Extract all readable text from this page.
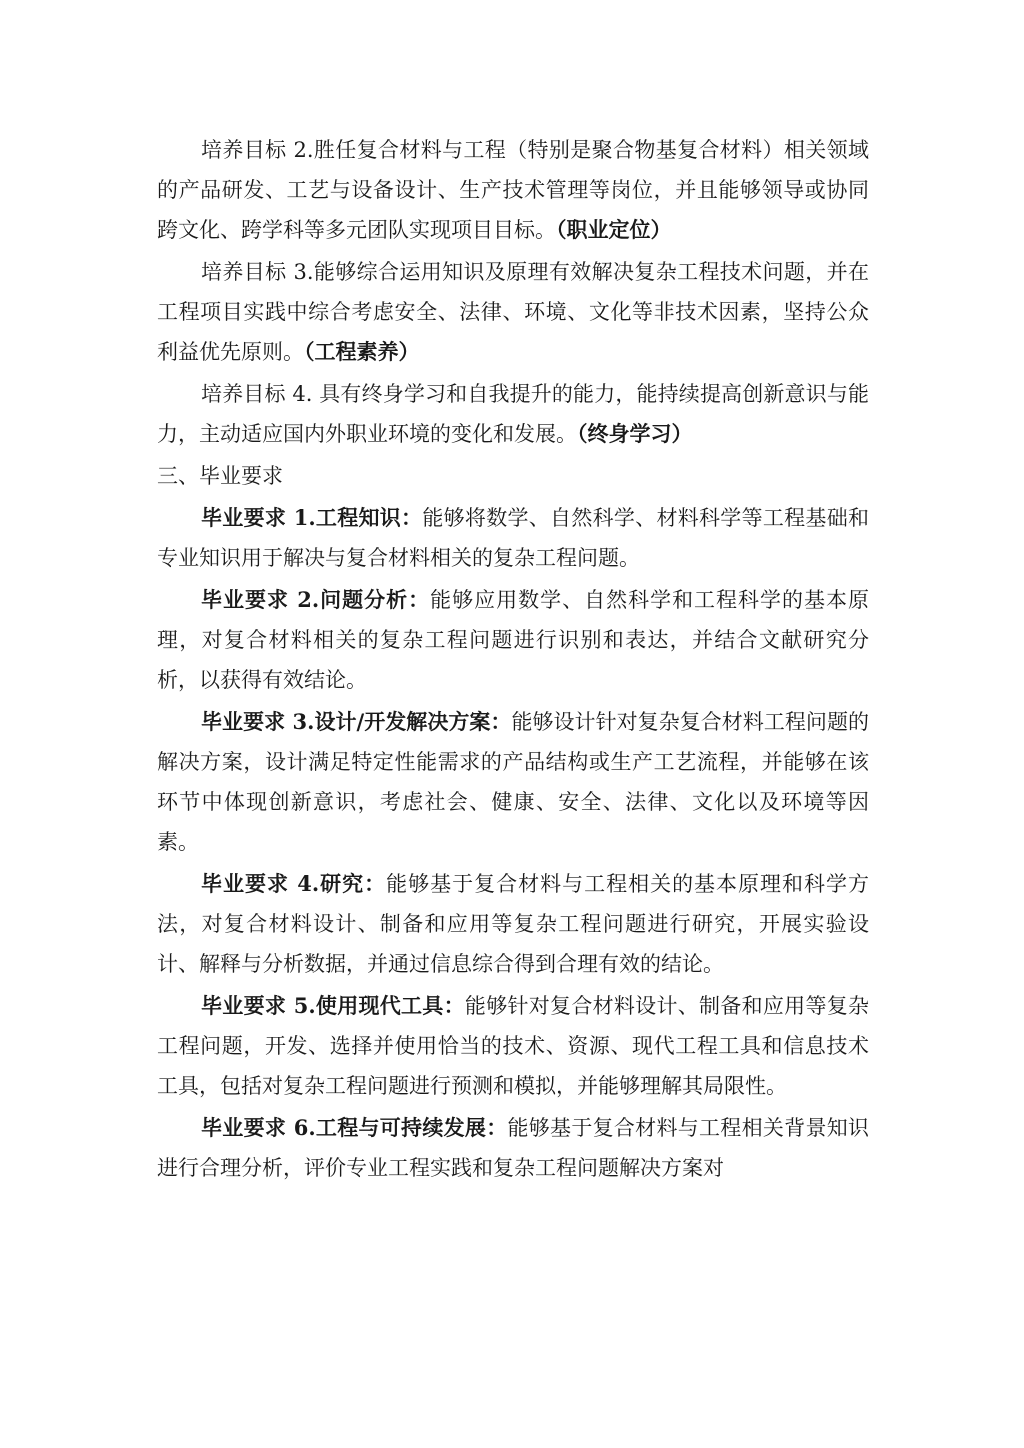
培养目标 2.胜任复合材料与工程（特别是聚合物基复合材料）相关领域的产品研发、工艺与设备设计、生产技术管理等岗位，并且能够领导或协同跨文化、跨学科等多元团队实现项目目标。（职业定位）

培养目标 3.能够综合运用知识及原理有效解决复杂工程技术问题，并在工程项目实践中综合考虑安全、法律、环境、文化等非技术因素，坚持公众利益优先原则。（工程素养）

培养目标 4. 具有终身学习和自我提升的能力，能持续提高创新意识与能力，主动适应国内外职业环境的变化和发展。（终身学习）

三、毕业要求

毕业要求 1.工程知识：能够将数学、自然科学、材料科学等工程基础和专业知识用于解决与复合材料相关的复杂工程问题。

毕业要求 2.问题分析：能够应用数学、自然科学和工程科学的基本原理，对复合材料相关的复杂工程问题进行识别和表达，并结合文献研究分析，以获得有效结论。

毕业要求 3.设计/开发解决方案：能够设计针对复杂复合材料工程问题的解决方案，设计满足特定性能需求的产品结构或生产工艺流程，并能够在该环节中体现创新意识，考虑社会、健康、安全、法律、文化以及环境等因素。

毕业要求 4.研究：能够基于复合材料与工程相关的基本原理和科学方法，对复合材料设计、制备和应用等复杂工程问题进行研究，开展实验设计、解释与分析数据，并通过信息综合得到合理有效的结论。

毕业要求 5.使用现代工具：能够针对复合材料设计、制备和应用等复杂工程问题，开发、选择并使用恰当的技术、资源、现代工程工具和信息技术工具，包括对复杂工程问题进行预测和模拟，并能够理解其局限性。

毕业要求 6.工程与可持续发展：能够基于复合材料与工程相关背景知识进行合理分析，评价专业工程实践和复杂工程问题解决方案对
